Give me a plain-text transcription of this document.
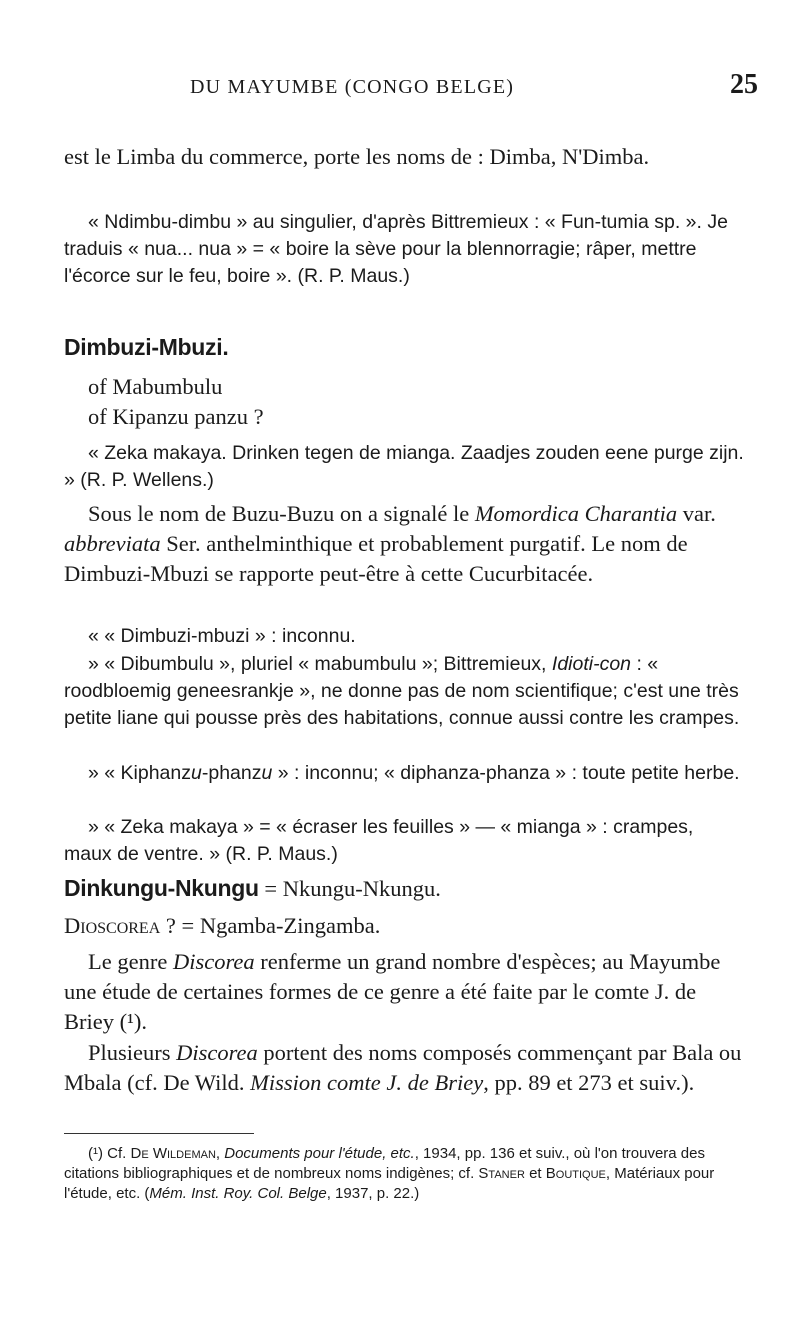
DU MAYUMBE (CONGO BELGE)	25

est le Limba du commerce, porte les noms de : Dimba, N'Dimba.

« Ndimbu-dimbu » au singulier, d'après Bittremieux : « Fun-tumia sp. ». Je traduis « nua... nua » = « boire la sève pour la blennorragie; râper, mettre l'écorce sur le feu, boire ». (R. P. Maus.)

Dimbuzi-Mbuzi.

of Mabumbulu

of Kipanzu panzu ?

« Zeka makaya. Drinken tegen de mianga. Zaadjes zouden eene purge zijn. » (R. P. Wellens.)

Sous le nom de Buzu-Buzu on a signalé le Momordica Charantia var. abbreviata Ser. anthelminthique et probablement purgatif. Le nom de Dimbuzi-Mbuzi se rapporte peut-être à cette Cucurbitacée.

« « Dimbuzi-mbuzi » : inconnu.

» « Dibumbulu », pluriel « mabumbulu »; Bittremieux, Idioti-con : « roodbloemig geneesrankje », ne donne pas de nom scientifique; c'est une très petite liane qui pousse près des habitations, connue aussi contre les crampes.

» « Kiphanzu-phanzu » : inconnu; « diphanza-phanza » : toute petite herbe.

» « Zeka makaya » = « écraser les feuilles » — « mianga » : crampes, maux de ventre. » (R. P. Maus.)

Dinkungu-Nkungu = Nkungu-Nkungu.

Dioscorea ? = Ngamba-Zingamba.

Le genre Discorea renferme un grand nombre d'espèces; au Mayumbe une étude de certaines formes de ce genre a été faite par le comte J. de Briey (¹).

Plusieurs Discorea portent des noms composés commençant par Bala ou Mbala (cf. De Wild. Mission comte J. de Briey, pp. 89 et 273 et suiv.).

(¹) Cf. De Wildeman, Documents pour l'étude, etc., 1934, pp. 136 et suiv., où l'on trouvera des citations bibliographiques et de nombreux noms indigènes; cf. Staner et Boutique, Matériaux pour l'étude, etc. (Mém. Inst. Roy. Col. Belge, 1937, p. 22.)
